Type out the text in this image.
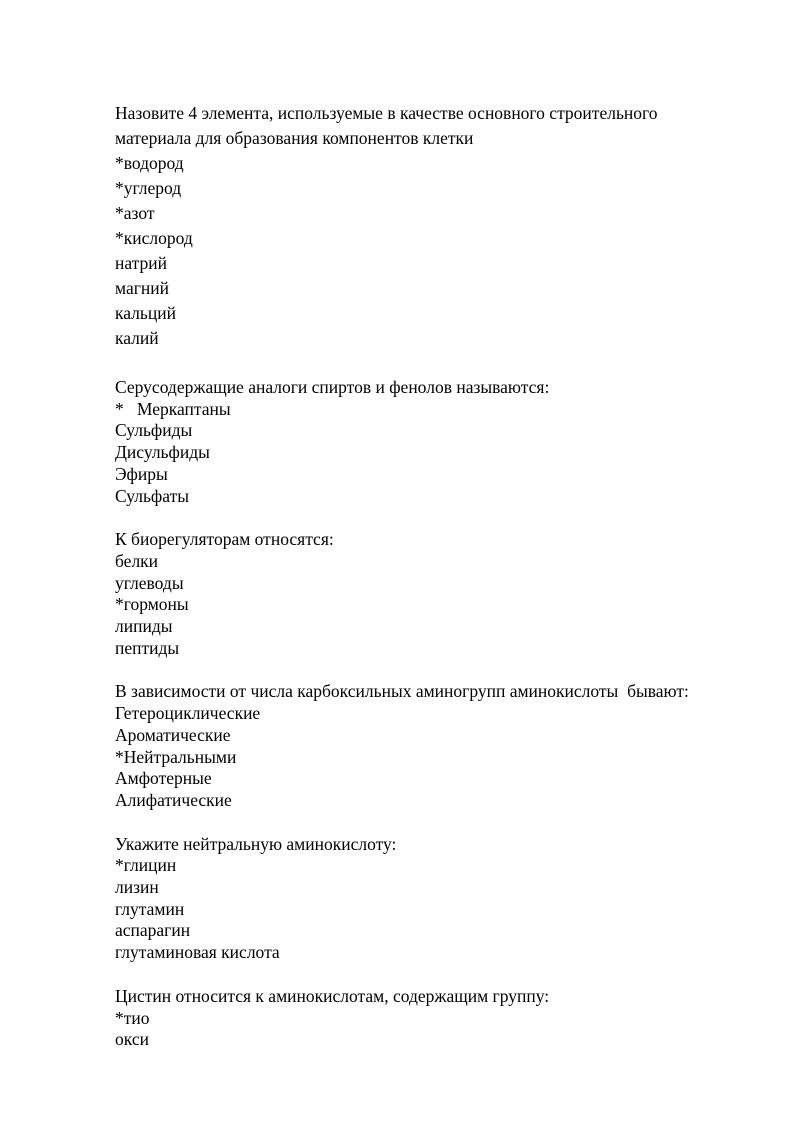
Назовите 4 элемента, используемые в качестве основного строительного
материала для образования компонентов клетки
*водород
*углерод
*азот
*кислород
натрий
магний
кальций
калий
Серусодержащие аналоги спиртов и фенолов называются:
*   Меркаптаны
Сульфиды
Дисульфиды
Эфиры
Сульфаты
К биорегуляторам относятся:
белки
углеводы
*гормоны
липиды
пептиды
В зависимости от числа карбоксильных аминогрупп аминокислоты  бывают:
Гетероциклические
Ароматические
*Нейтральными
Амфотерные
Алифатические
Укажите нейтральную аминокислоту:
*глицин
лизин
глутамин
аспарагин
глутаминовая кислота
Цистин относится к аминокислотам, содержащим группу:
*тио
окси
